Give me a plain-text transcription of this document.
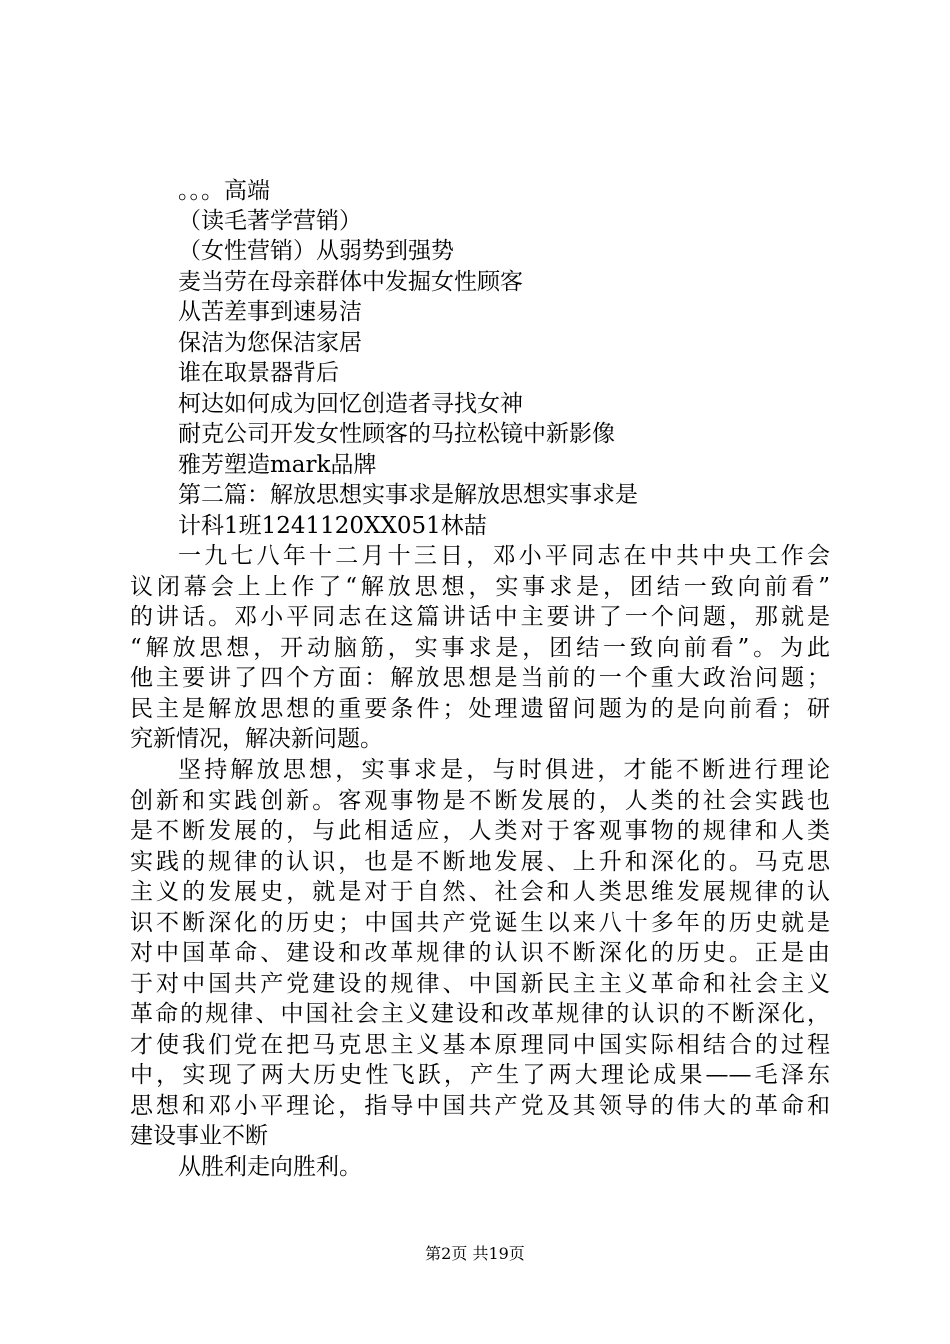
。。。高端
（读毛著学营销）
（女性营销）从弱势到强势
麦当劳在母亲群体中发掘女性顾客
从苦差事到速易洁
保洁为您保洁家居
谁在取景器背后
柯达如何成为回忆创造者寻找女神
耐克公司开发女性顾客的马拉松镜中新影像
雅芳塑造mark品牌
第二篇：解放思想实事求是解放思想实事求是
计科1班1241120XX051林喆
一九七八年十二月十三日，邓小平同志在中共中央工作会
议闭幕会上上作了“解放思想，实事求是，团结一致向前看”
的讲话。邓小平同志在这篇讲话中主要讲了一个问题，那就是
“解放思想，开动脑筋，实事求是，团结一致向前看”。为此
他主要讲了四个方面：解放思想是当前的一个重大政治问题；
民主是解放思想的重要条件；处理遗留问题为的是向前看；研
究新情况，解决新问题。
坚持解放思想，实事求是，与时俱进，才能不断进行理论
创新和实践创新。客观事物是不断发展的，人类的社会实践也
是不断发展的，与此相适应，人类对于客观事物的规律和人类
实践的规律的认识，也是不断地发展、上升和深化的。马克思
主义的发展史，就是对于自然、社会和人类思维发展规律的认
识不断深化的历史；中国共产党诞生以来八十多年的历史就是
对中国革命、建设和改革规律的认识不断深化的历史。正是由
于对中国共产党建设的规律、中国新民主主义革命和社会主义
革命的规律、中国社会主义建设和改革规律的认识的不断深化，
才使我们党在把马克思主义基本原理同中国实际相结合的过程
中，实现了两大历史性飞跃，产生了两大理论成果——毛泽东
思想和邓小平理论，指导中国共产党及其领导的伟大的革命和
建设事业不断
从胜利走向胜利。
第2页 共19页
